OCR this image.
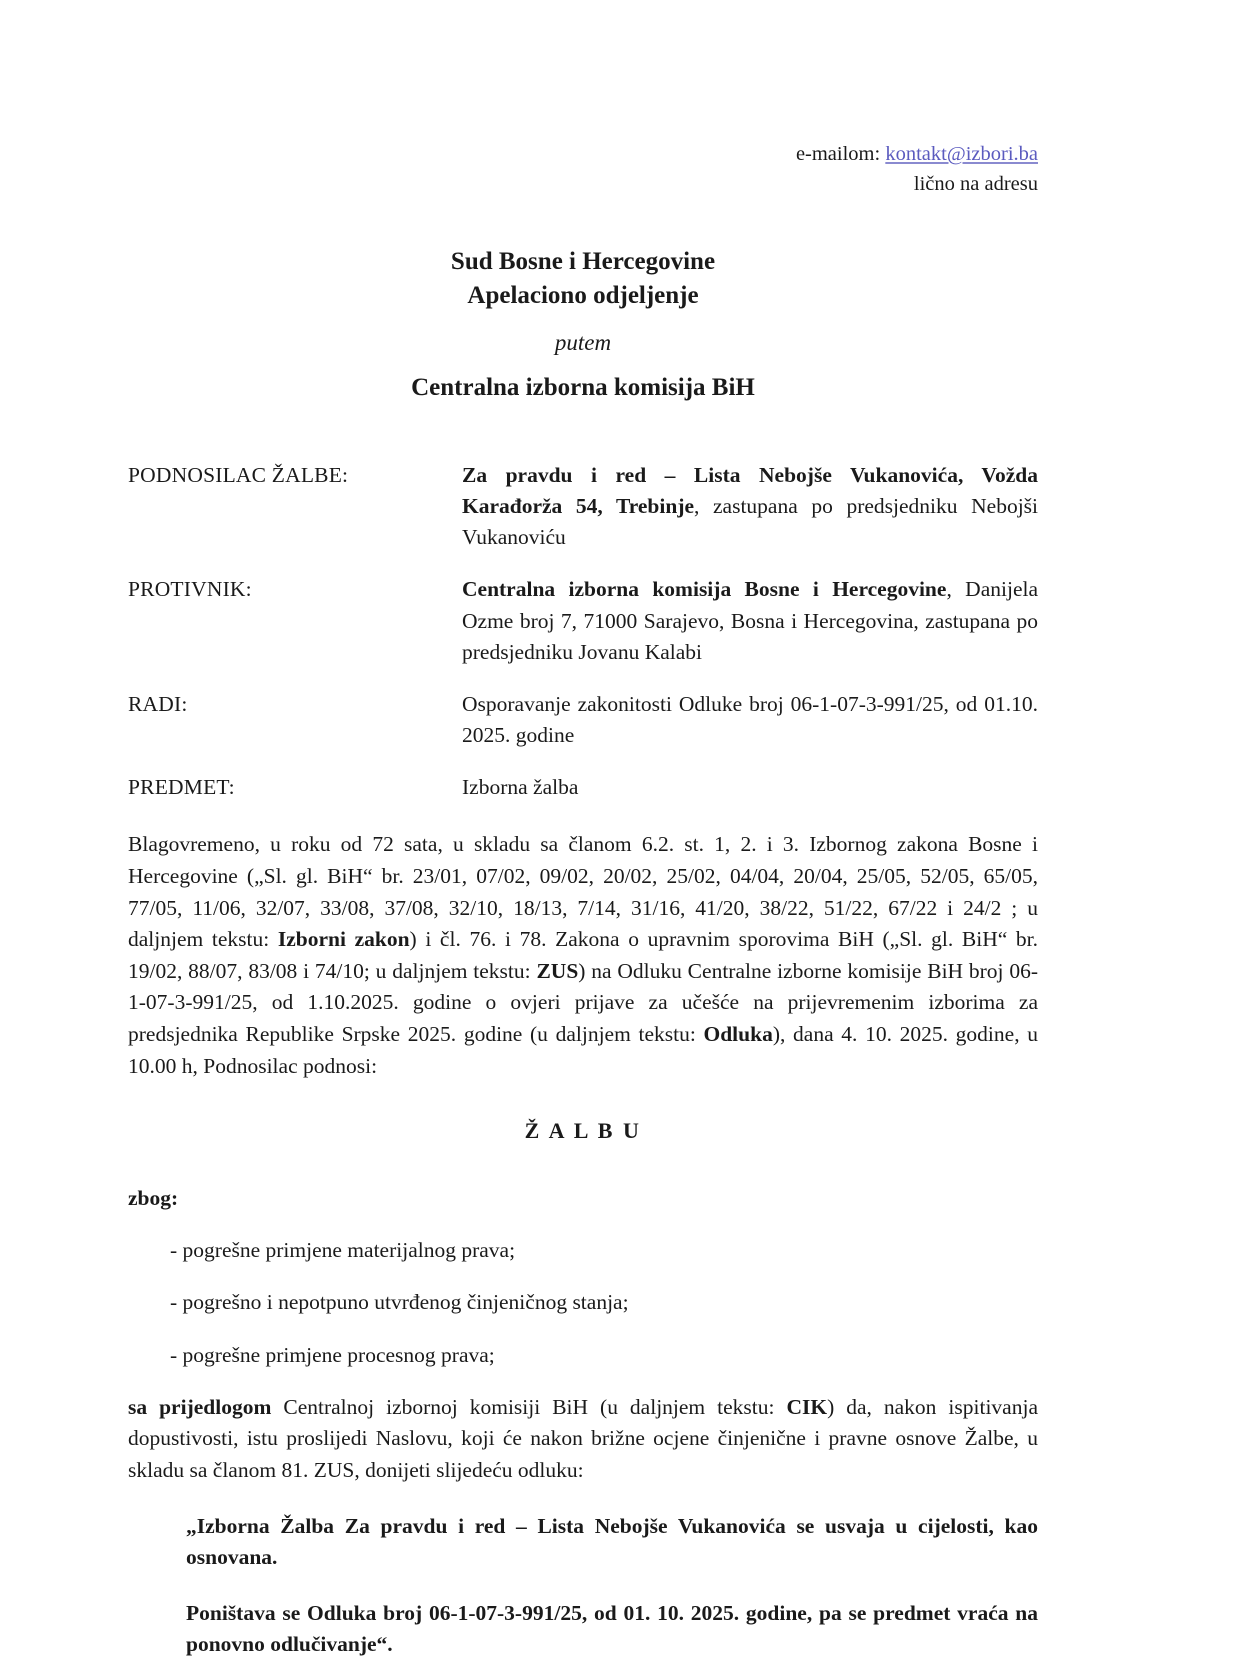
e-mailom: kontakt@izbori.ba
lično na adresu
Sud Bosne i Hercegovine
Apelaciono odjeljenje
putem
Centralna izborna komisija BiH
PODNOSILAC ŽALBE:	Za pravdu i red – Lista Nebojše Vukanovića, Vožda Karađorža 54, Trebinje, zastupana po predsjedniku Nebojši Vukanoviću
PROTIVNIK:	Centralna izborna komisija Bosne i Hercegovine, Danijela Ozme broj 7, 71000 Sarajevo, Bosna i Hercegovina, zastupana po predsjedniku Jovanu Kalabi
RADI:	Osporavanje zakonitosti Odluke broj 06-1-07-3-991/25, od 01.10. 2025. godine
PREDMET:	Izborna žalba
Blagovremeno, u roku od 72 sata, u skladu sa članom 6.2. st. 1, 2. i 3. Izbornog zakona Bosne i Hercegovine („Sl. gl. BiH“ br. 23/01, 07/02, 09/02, 20/02, 25/02, 04/04, 20/04, 25/05, 52/05, 65/05, 77/05, 11/06, 32/07, 33/08, 37/08, 32/10, 18/13, 7/14, 31/16, 41/20, 38/22, 51/22, 67/22 i 24/2 ; u daljnjem tekstu: Izborni zakon) i čl. 76. i 78. Zakona o upravnim sporovima BiH („Sl. gl. BiH“ br. 19/02, 88/07, 83/08 i 74/10; u daljnjem tekstu: ZUS) na Odluku Centralne izborne komisije BiH broj 06-1-07-3-991/25, od 1.10.2025. godine o ovjeri prijave za učešće na prijevremenim izborima za predsjednika Republike Srpske 2025. godine (u daljnjem tekstu: Odluka), dana 4. 10. 2025. godine, u 10.00 h, Podnosilac podnosi:
Ž A L B U
zbog:
- pogrešne primjene materijalnog prava;
- pogrešno i nepotpuno utvrđenog činjeničnog stanja;
- pogrešne primjene procesnog prava;
sa prijedlogom Centralnoj izbornoj komisiji BiH (u daljnjem tekstu: CIK) da, nakon ispitivanja dopustivosti, istu proslijedi Naslovu, koji će nakon brižne ocjene činjenične i pravne osnove Žalbe, u skladu sa članom 81. ZUS, donijeti slijedeću odluku:
„Izborna Žalba Za pravdu i red – Lista Nebojše Vukanovića se usvaja u cijelosti, kao osnovana.
Poništava se Odluka broj 06-1-07-3-991/25, od 01. 10. 2025. godine, pa se predmet vraća na ponovno odlučivanje“.
